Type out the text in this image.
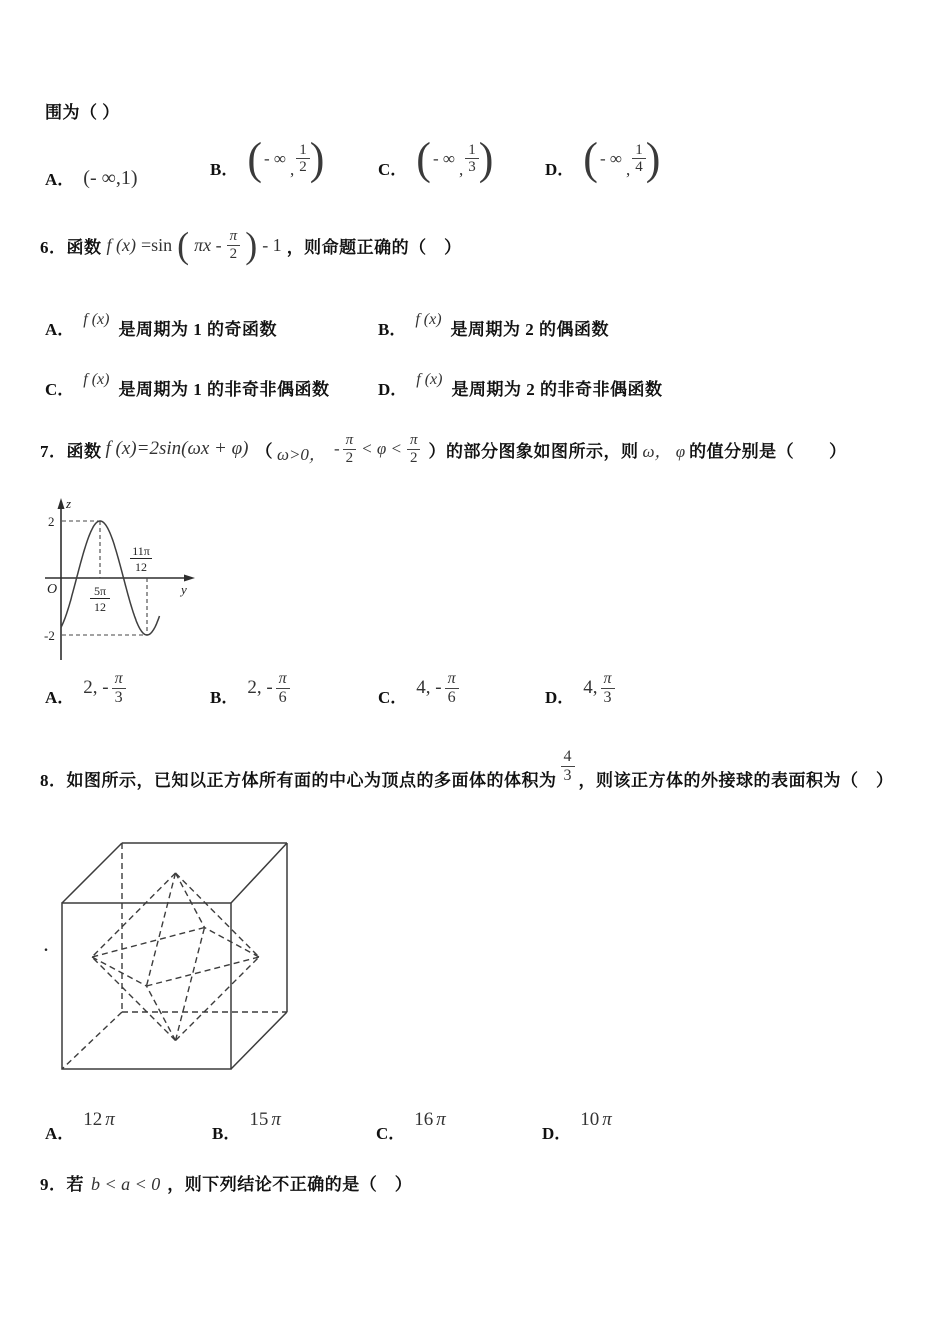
围为（ ）
A． (- ∞,1)	B． ( - ∞
, $\frac{1}{2}$ )	C． ( - ∞
, $\frac{1}{3}$ )	D． ( - ∞
, $\frac{1}{4}$ )
6．函数 f (x) =sin ( πx - $\frac{\pi}{2}$ ) - 1 ，则命题正确的（　）
A．
f (x)
是周期为 1 的奇函数	B．
f (x)
是周期为 2 的偶函数
C．
f (x)
是周期为 1 的非奇非偶函数	D．
f (x)
是周期为 2 的非奇非偶函数
7．函数 f (x)=2sin(ωx + φ) （ ω>0， - $\frac{\pi}{2} < \varphi < \frac{\pi}{2}$ ）的部分图象如图所示，则 ω， φ 的值分别是（　　）
z
y
O
2
-2
5π
12
11π
12
A． 2, - $\frac{\pi}{3}$	B． 2, - $\frac{\pi}{6}$	C． 4, - $\frac{\pi}{6}$	D． 4, $\frac{\pi}{3}$
8．如图所示，已知以正方体所有面的中心为顶点的多面体的体积为 $\frac{4}{3}$ ，则该正方体的外接球的表面积为（　）
.
A．
12 π
B．
15 π
C．
16 π
D．
10 π
9．若 b < a < 0 ，则下列结论不正确的是（　）
